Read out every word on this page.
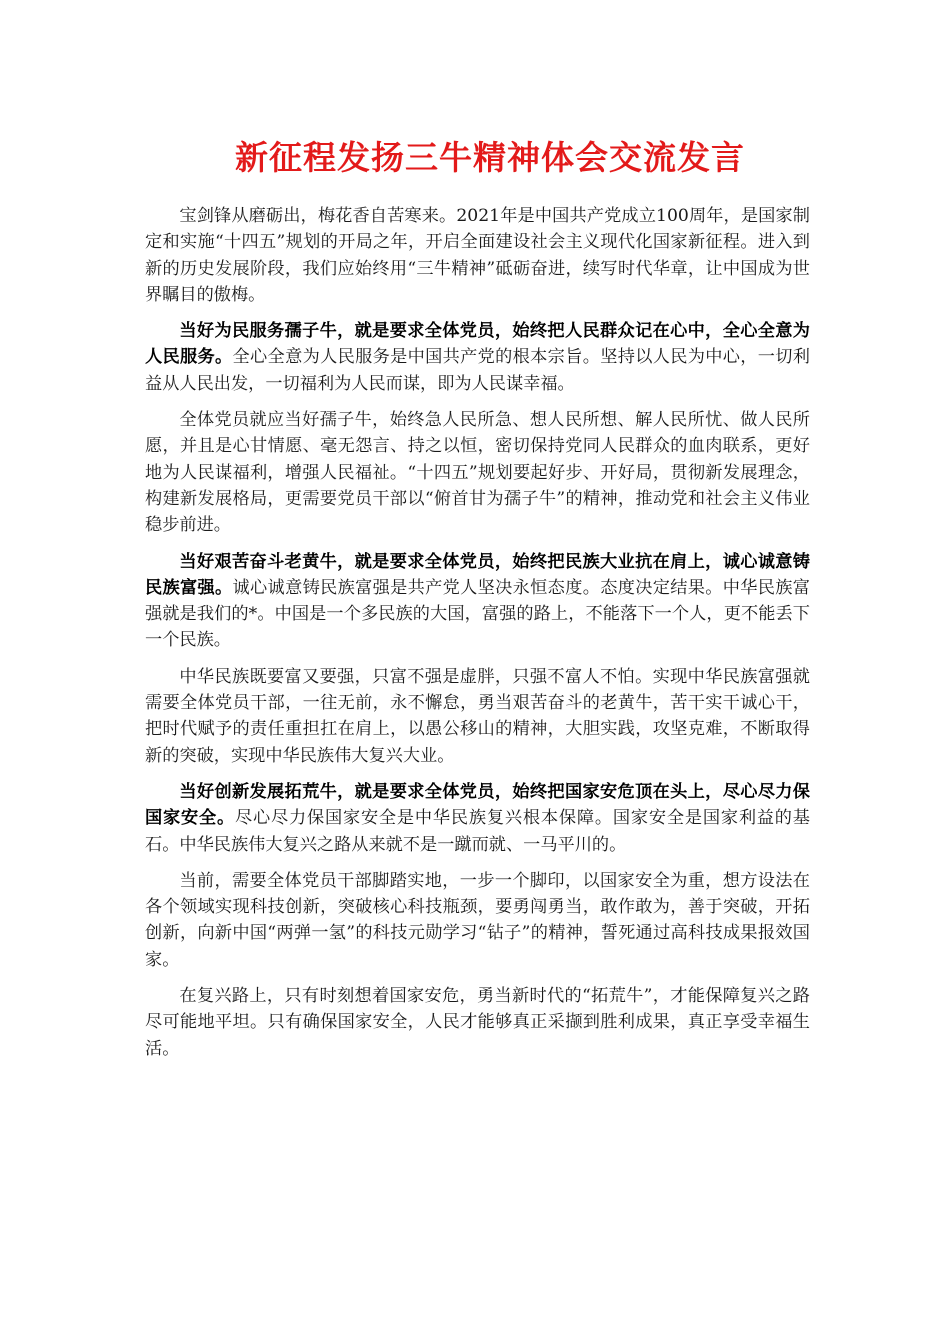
新征程发扬三牛精神体会交流发言

宝剑锋从磨砺出，梅花香自苦寒来。2021年是中国共产党成立100周年，是国家制定和实施“十四五”规划的开局之年，开启全面建设社会主义现代化国家新征程。进入到新的历史发展阶段，我们应始终用“三牛精神”砥砺奋进，续写时代华章，让中国成为世界瞩目的傲梅。

当好为民服务孺子牛，就是要求全体党员，始终把人民群众记在心中，全心全意为人民服务。全心全意为人民服务是中国共产党的根本宗旨。坚持以人民为中心，一切利益从人民出发，一切福利为人民而谋，即为人民谋幸福。

全体党员就应当好孺子牛，始终急人民所急、想人民所想、解人民所忧、做人民所愿，并且是心甘情愿、毫无怨言、持之以恒，密切保持党同人民群众的血肉联系，更好地为人民谋福利，增强人民福祉。“十四五”规划要起好步、开好局，贯彻新发展理念，构建新发展格局，更需要党员干部以“俯首甘为孺子牛”的精神，推动党和社会主义伟业稳步前进。

当好艰苦奋斗老黄牛，就是要求全体党员，始终把民族大业抗在肩上，诚心诚意铸民族富强。诚心诚意铸民族富强是共产党人坚决永恒态度。态度决定结果。中华民族富强就是我们的*。中国是一个多民族的大国，富强的路上，不能落下一个人，更不能丢下一个民族。

中华民族既要富又要强，只富不强是虚胖，只强不富人不怕。实现中华民族富强就需要全体党员干部，一往无前，永不懈怠，勇当艰苦奋斗的老黄牛，苦干实干诚心干，把时代赋予的责任重担扛在肩上，以愚公移山的精神，大胆实践，攻坚克难，不断取得新的突破，实现中华民族伟大复兴大业。

当好创新发展拓荒牛，就是要求全体党员，始终把国家安危顶在头上，尽心尽力保国家安全。尽心尽力保国家安全是中华民族复兴根本保障。国家安全是国家利益的基石。中华民族伟大复兴之路从来就不是一蹴而就、一马平川的。

当前，需要全体党员干部脚踏实地，一步一个脚印，以国家安全为重，想方设法在各个领域实现科技创新，突破核心科技瓶颈，要勇闯勇当，敢作敢为，善于突破，开拓创新，向新中国“两弹一氢”的科技元勋学习“钻子”的精神，誓死通过高科技成果报效国家。

在复兴路上，只有时刻想着国家安危，勇当新时代的“拓荒牛”，才能保障复兴之路尽可能地平坦。只有确保国家安全，人民才能够真正采撷到胜利成果，真正享受幸福生活。
